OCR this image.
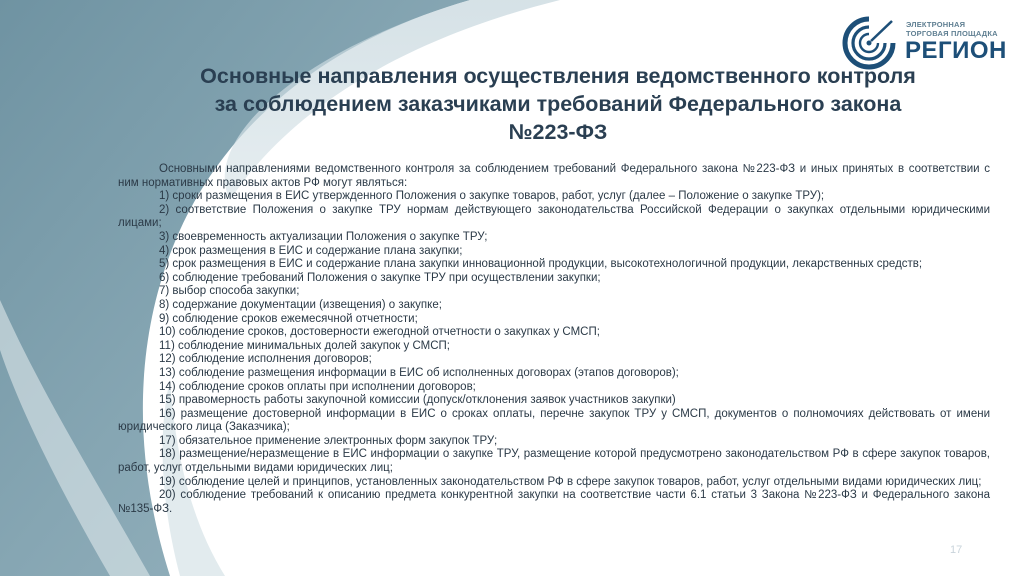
ЭЛЕКТРОННАЯ
ТОРГОВАЯ ПЛОЩАДКА
РЕГИОН
Основные направления осуществления ведомственного контроля
за соблюдением заказчиками требований Федерального закона
№223-ФЗ

Основными направлениями ведомственного контроля за соблюдением требований Федерального закона №223-ФЗ и иных принятых в соответствии с ним нормативных правовых актов РФ могут являться:

1) сроки размещения в ЕИС утвержденного Положения о закупке товаров, работ, услуг (далее – Положение о закупке ТРУ);

2) соответствие Положения о закупке ТРУ нормам действующего законодательства Российской Федерации о закупках отдельными юридическими лицами;

3) своевременность актуализации Положения о закупке ТРУ;

4) срок размещения в ЕИС и содержание плана закупки;

5) срок размещения в ЕИС и содержание плана закупки инновационной продукции, высокотехнологичной продукции, лекарственных средств;

6) соблюдение требований Положения о закупке ТРУ при осуществлении закупки;

7) выбор способа закупки;

8) содержание документации (извещения) о закупке;

9) соблюдение сроков ежемесячной отчетности;

10) соблюдение сроков, достоверности ежегодной отчетности о закупках у СМСП;

11) соблюдение минимальных долей закупок у СМСП;

12) соблюдение исполнения договоров;

13) соблюдение размещения информации в ЕИС об исполненных договорах (этапов договоров);

14) соблюдение сроков оплаты при исполнении договоров;

15) правомерность работы закупочной комиссии (допуск/отклонения заявок участников закупки)

16) размещение достоверной информации в ЕИС о сроках оплаты, перечне закупок ТРУ у СМСП, документов о полномочиях действовать от имени юридического лица (Заказчика);

17) обязательное применение электронных форм закупок ТРУ;

18) размещение/неразмещение в ЕИС информации о закупке ТРУ, размещение которой предусмотрено законодательством РФ в сфере закупок товаров, работ, услуг отдельными видами юридических лиц;

19) соблюдение целей и принципов, установленных законодательством РФ в сфере закупок товаров, работ, услуг отдельными видами юридических лиц;

20) соблюдение требований к описанию предмета конкурентной закупки на соответствие части 6.1 статьи 3 Закона №223-ФЗ и Федерального закона №135-ФЗ.

17
